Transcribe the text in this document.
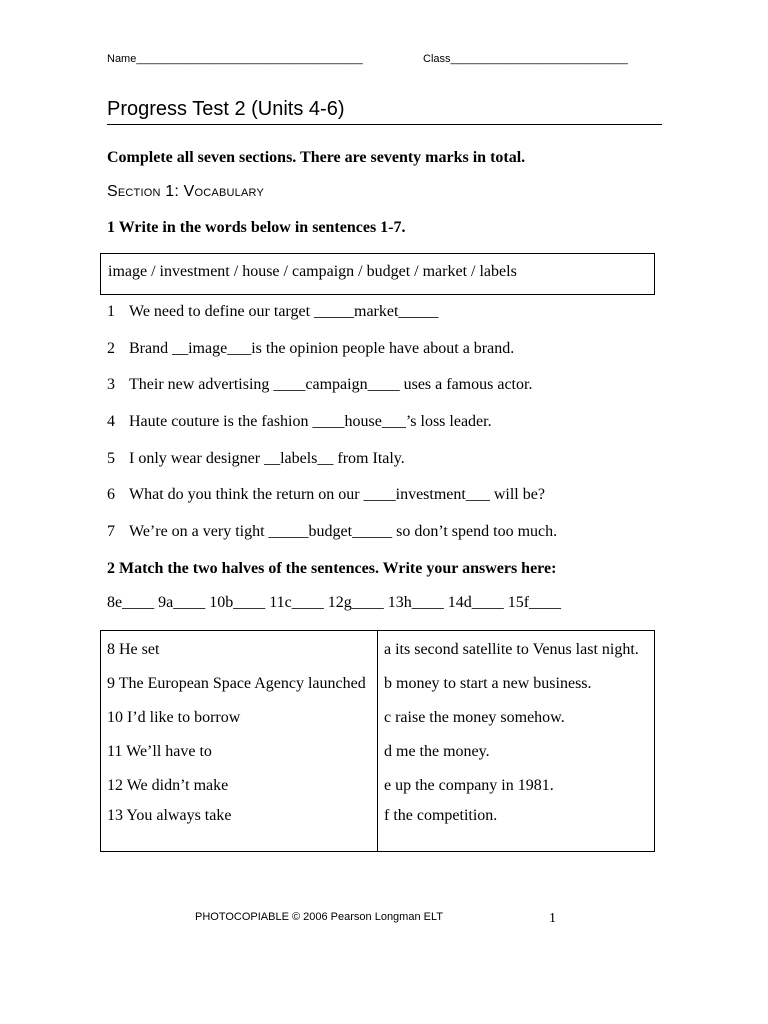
Name_____________________________________	Class_____________________________
Progress Test 2 (Units 4-6)
Complete all seven sections. There are seventy marks in total.
Section 1: Vocabulary
1 Write in the words below in sentences 1-7.
image / investment / house / campaign / budget / market / labels
1 We need to define our target _____market_____
2 Brand __image___is the opinion people have about a brand.
3 Their new advertising ____campaign____ uses a famous actor.
4 Haute couture is the fashion ____house___’s loss leader.
5 I only wear designer __labels__ from Italy.
6 What do you think the return on our ____investment___ will be?
7 We’re on a very tight _____budget_____ so don’t spend too much.
2 Match the two halves of the sentences. Write your answers here:
8e____ 9a____ 10b____ 11c____ 12g____ 13h____ 14d____ 15f____
8 He set	a its second satellite to Venus last night.
9 The European Space Agency launched	b money to start a new business.
10 I’d like to borrow	c raise the money somehow.
11 We’ll have to	d me the money.
12 We didn’t make	e up the company in 1981.
13 You always take	f the competition.
PHOTOCOPIABLE © 2006 Pearson Longman ELT	1
